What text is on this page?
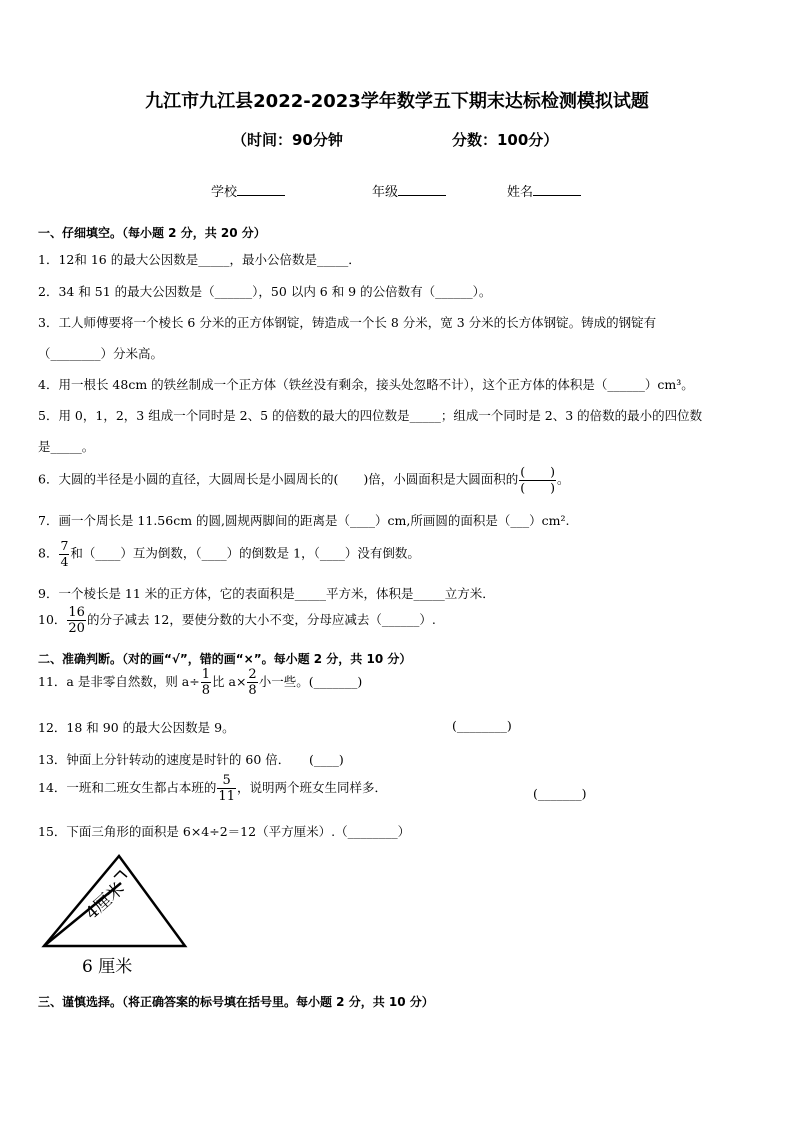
九江市九江县2022-2023学年数学五下期末达标检测模拟试题
（时间：90分钟	分数：100分）
学校	年级	姓名
一、仔细填空。（每小题 2 分，共 20 分）
1．12和 16 的最大公因数是_____，最小公倍数是_____．
2．34 和 51 的最大公因数是（______），50 以内 6 和 9 的公倍数有（______）。
3．工人师傅要将一个棱长 6 分米的正方体钢锭，铸造成一个长 8 分米，宽 3 分米的长方体钢锭。铸成的钢锭有
（________）分米高。
4．用一根长 48cm 的铁丝制成一个正方体（铁丝没有剩余，接头处忽略不计），这个正方体的体积是（______）cm³。
5．用 0，1，2，3 组成一个同时是 2、5 的倍数的最大的四位数是_____；组成一个同时是 2、3 的倍数的最小的四位数
是_____。
6．大圆的半径是小圆的直径，大圆周长是小圆周长的(　　)倍，小圆面积是大圆面积的 $\frac{( )}{( )}$ 。
7．画一个周长是 11.56cm 的圆,圆规两脚间的距离是（____）cm,所画圆的面积是（___）cm².
8． $\frac{7}{4}$ 和（____）互为倒数，（____）的倒数是 1，（____）没有倒数。
9．一个棱长是 11 米的正方体，它的表面积是_____平方米，体积是_____立方米．
10． $\frac{16}{20}$ 的分子减去 12，要使分数的大小不变，分母应减去（______）.
二、准确判断。（对的画“√”，错的画“×”。每小题 2 分，共 10 分）
11．a 是非零自然数，则 $a\div \frac{1}{8}$ 比 $a\times \frac{2}{8}$ 小一些。(_______)
12．18 和 90 的最大公因数是 9。	(________)
13．钟面上分针转动的速度是时针的 60 倍．　　(____)
14．一班和二班女生都占本班的 $\frac{5}{11}$ ，说明两个班女生同样多．	(_______)
15．下面三角形的面积是 6×4÷2＝12（平方厘米）.（________）
4厘米
6 厘米
三、谨慎选择。（将正确答案的标号填在括号里。每小题 2 分，共 10 分）
